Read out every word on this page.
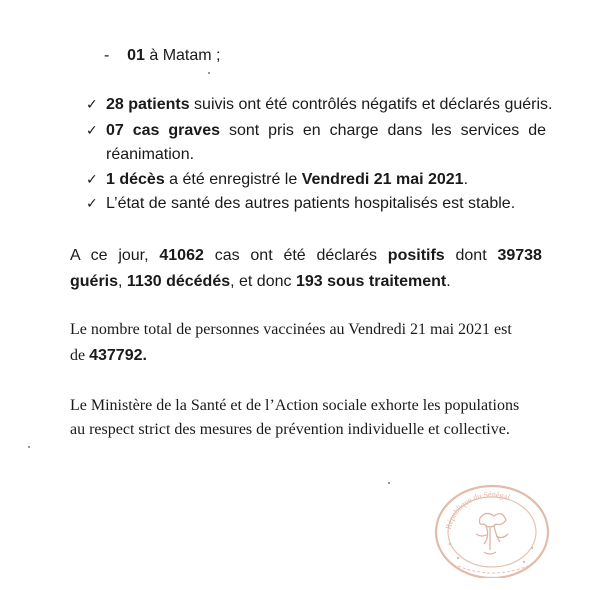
- 01 à Matam ;
✓ 28 patients suivis ont été contrôlés négatifs et déclarés guéris.
✓ 07 cas graves sont pris en charge dans les services de
réanimation.
✓ 1 décès a été enregistré le Vendredi 21 mai 2021.
✓ L’état de santé des autres patients hospitalisés est stable.
A ce jour, 41062 cas ont été déclarés positifs dont 39738
guéris, 1130 décédés, et donc 193 sous traitement.
Le nombre total de personnes vaccinées au Vendredi 21 mai 2021 est
de 437792.
Le Ministère de la Santé et de l’Action sociale exhorte les populations
au respect strict des mesures de prévention individuelle et collective.
République du Sénégal
